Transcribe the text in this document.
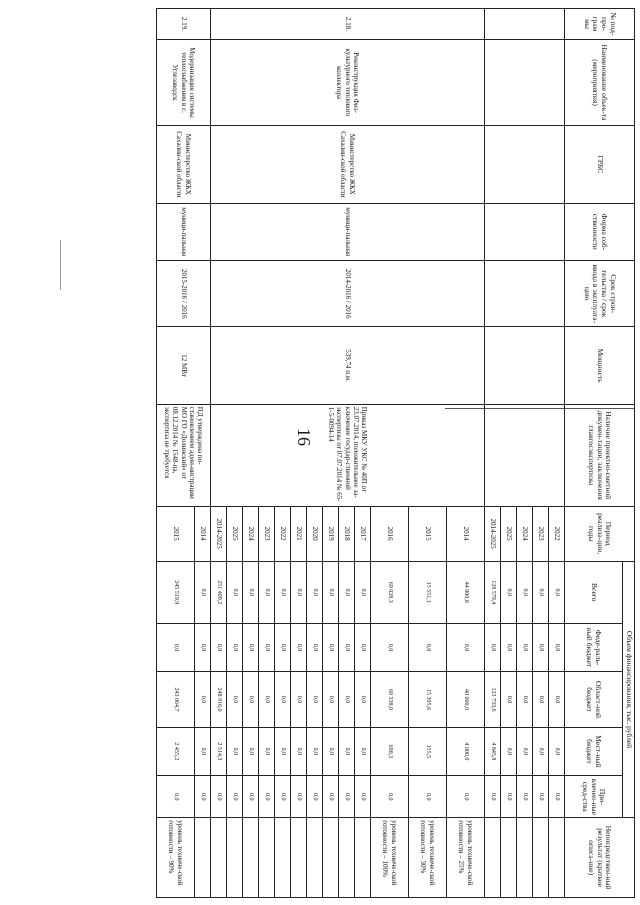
16
№ под-про-грам мы	Наименование объек-та (мероприятия)	ГРБС	Форма соб-ственности	Срок строи-тельства / срок ввода в эксплуата-цию	Мощность	Наличие проектно-сметной докумен-тации, заключения главгосэкспертизы	Период реализа-ции, годы	Объем финансирования, тыс. рублей					Непосредствен-ный результат (краткое описа-ние)
								Всего	Феде-раль-ный бюджет	Област-ной бюджет	Мест-ный бюджет	При-влечен-ные сред-ства	
							2022	0,0	0,0	0,0	0,0	0,0	
							2023	0,0	0,0	0,0	0,0	0,0	
							2024	0,0	0,0	0,0	0,0	0,0	
							2025	0,0	0,0	0,0	0,0	0,0	
							2014-2025	128 579,4	0,0	123 733,6	4 845,8	0,0	
2.18.	Реконструкция Физ-культурного теплового коллектора	Министерство ЖКХ Сахалин-ской области	муници-пальная	2014-2016 / 2016	539,74 п.м.	Приказ МКУ УКС № 40П от 23.07.2014, положительное за-ключение государ-ственной экспертизы от 07.07.2014 № 65-1-5-0094-14	2014	44 000,0	0,0	40 000,0	4 000,0	0,0	уровень техниче-ской готовности – 25%
							2015	15 551,1	0,0	15 395,6	155,5	0,0	уровень техниче-ской готовности – 30%
							2016	69 028,3	0,0	68 338,0	690,3	0,0	уровень техниче-ской готовности – 100%
							2017	0,0	0,0	0,0	0,0	0,0	
							2018	0,0	0,0	0,0	0,0	0,0	
							2019	0,0	0,0	0,0	0,0	0,0	
							2020	0,0	0,0	0,0	0,0	0,0	
							2021	0,0	0,0	0,0	0,0	0,0	
							2022	0,0	0,0	0,0	0,0	0,0	
							2023	0,0	0,0	0,0	0,0	0,0	
							2024	0,0	0,0	0,0	0,0	0,0	
							2025	0,0	0,0	0,0	0,0	0,0	
							2014-2025	251 409,2	0,0	248 916,0	2 514,3	0,0	
2.19.	Модернизация системы теплоснабжения в с. Углезаводск	Министерство ЖКХ Сахалин-ской области	муници-пальная	2015-2016 / 2016	12 МВт	ПД утверждена по-становлением адми-нистрации МО ГО «Долинский» от 08.12.2014 № 1548-па, экспертиза не требуется	2014	0,0	0,0	0,0	0,0	0,0	
							2015	245 519,9	0,0	243 064,7	2 455,2	0,0	уровень техниче-ской готовности – 90%
